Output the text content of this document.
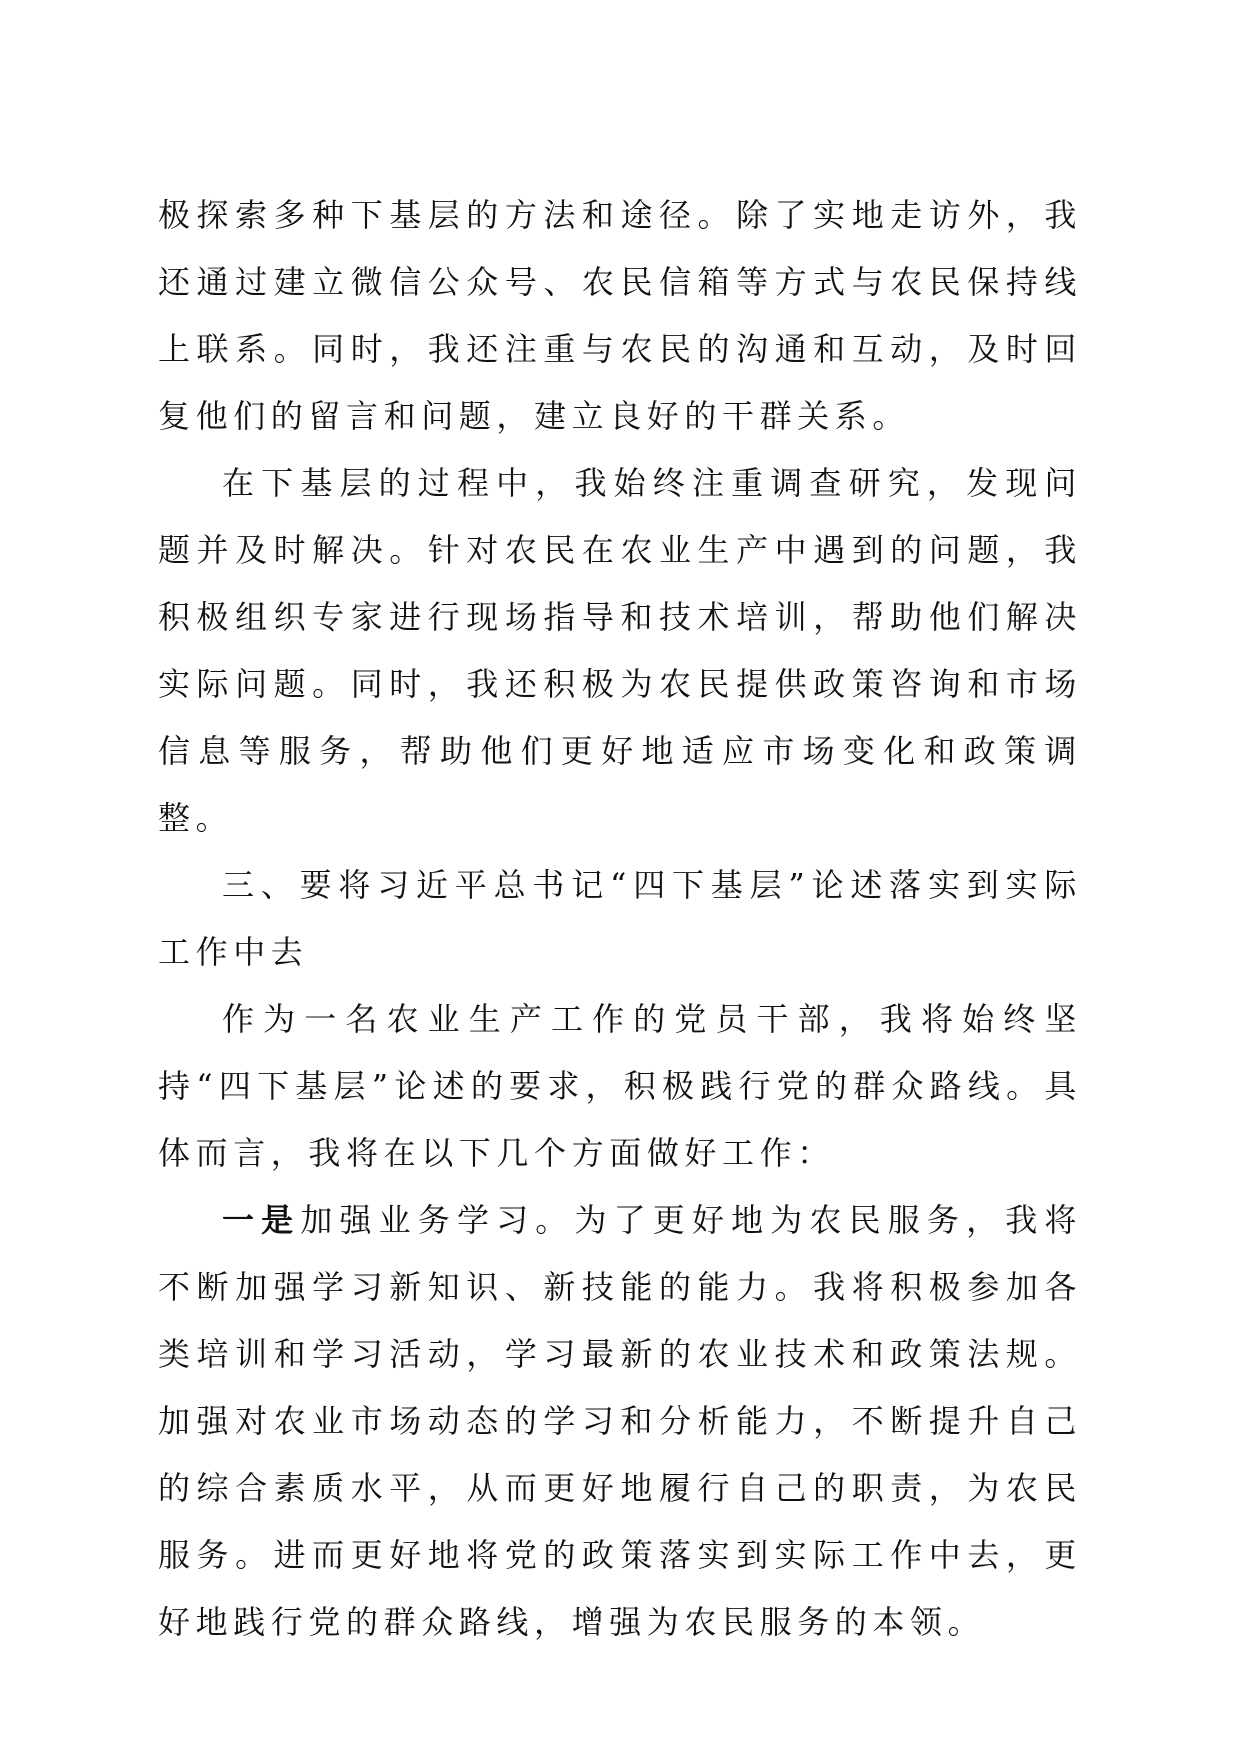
极探索多种下基层的方法和途径。除了实地走访外，我还通过建立微信公众号、农民信箱等方式与农民保持线上联系。同时，我还注重与农民的沟通和互动，及时回复他们的留言和问题，建立良好的干群关系。

在下基层的过程中，我始终注重调查研究，发现问题并及时解决。针对农民在农业生产中遇到的问题，我积极组织专家进行现场指导和技术培训，帮助他们解决实际问题。同时，我还积极为农民提供政策咨询和市场信息等服务，帮助他们更好地适应市场变化和政策调整。

三、要将习近平总书记“四下基层”论述落实到实际工作中去

作为一名农业生产工作的党员干部，我将始终坚持“四下基层”论述的要求，积极践行党的群众路线。具体而言，我将在以下几个方面做好工作：

一是加强业务学习。为了更好地为农民服务，我将不断加强学习新知识、新技能的能力。我将积极参加各类培训和学习活动，学习最新的农业技术和政策法规。加强对农业市场动态的学习和分析能力，不断提升自己的综合素质水平，从而更好地履行自己的职责，为农民服务。进而更好地将党的政策落实到实际工作中去，更好地践行党的群众路线，增强为农民服务的本领。
